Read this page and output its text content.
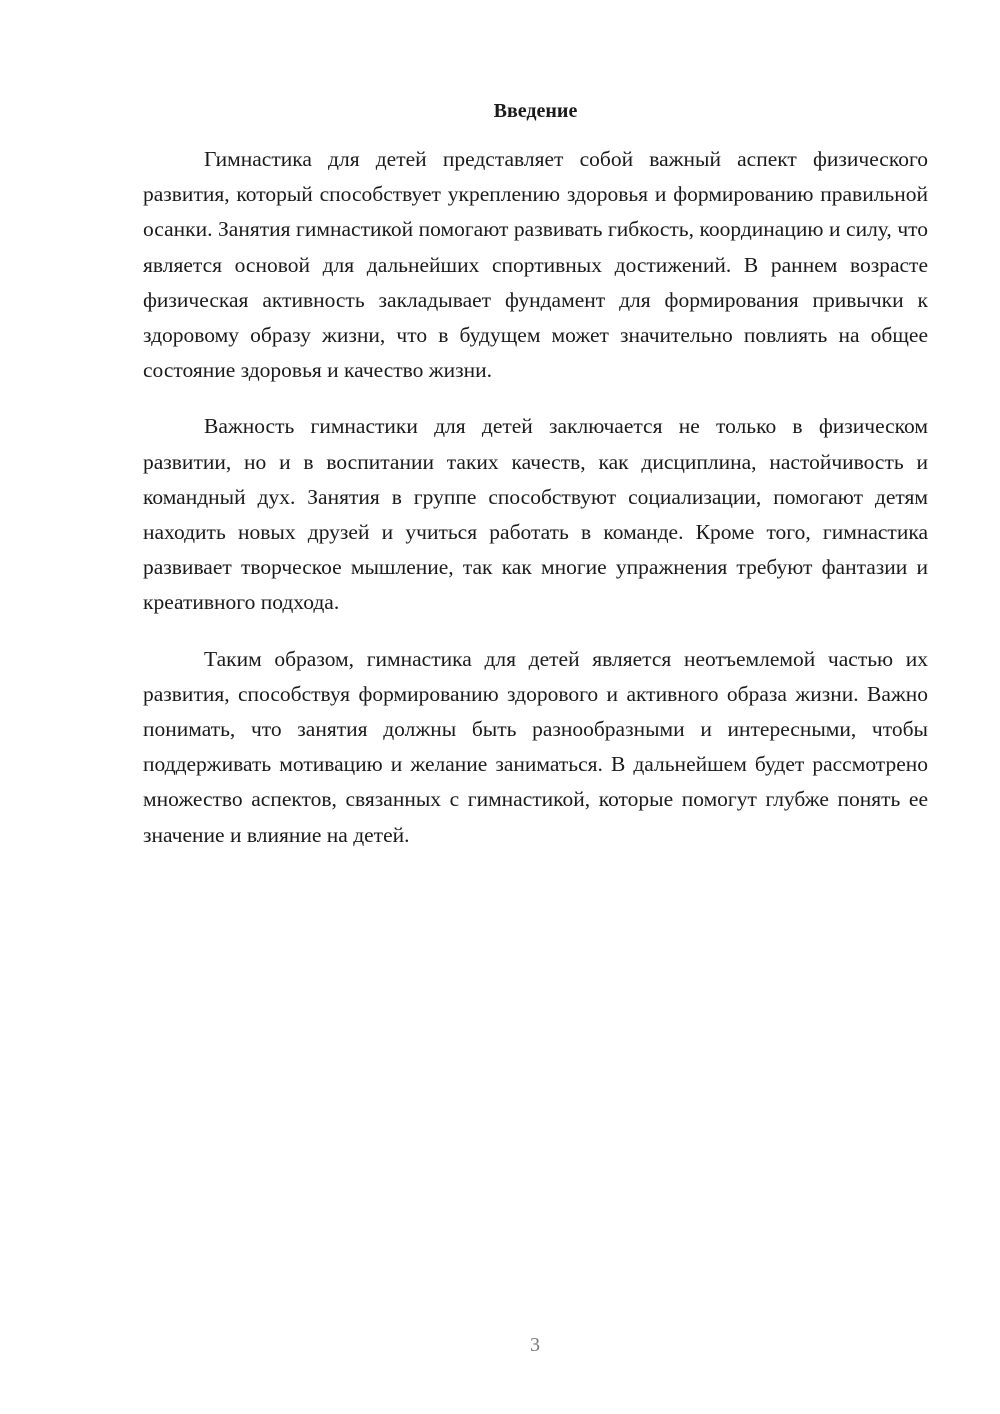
Введение

Гимнастика для детей представляет собой важный аспект физического развития, который способствует укреплению здоровья и формированию правильной осанки. Занятия гимнастикой помогают развивать гибкость, координацию и силу, что является основой для дальнейших спортивных достижений. В раннем возрасте физическая активность закладывает фундамент для формирования привычки к здоровому образу жизни, что в будущем может значительно повлиять на общее состояние здоровья и качество жизни.

Важность гимнастики для детей заключается не только в физическом развитии, но и в воспитании таких качеств, как дисциплина, настойчивость и командный дух. Занятия в группе способствуют социализации, помогают детям находить новых друзей и учиться работать в команде. Кроме того, гимнастика развивает творческое мышление, так как многие упражнения требуют фантазии и креативного подхода.

Таким образом, гимнастика для детей является неотъемлемой частью их развития, способствуя формированию здорового и активного образа жизни. Важно понимать, что занятия должны быть разнообразными и интересными, чтобы поддерживать мотивацию и желание заниматься. В дальнейшем будет рассмотрено множество аспектов, связанных с гимнастикой, которые помогут глубже понять ее значение и влияние на детей.

3
